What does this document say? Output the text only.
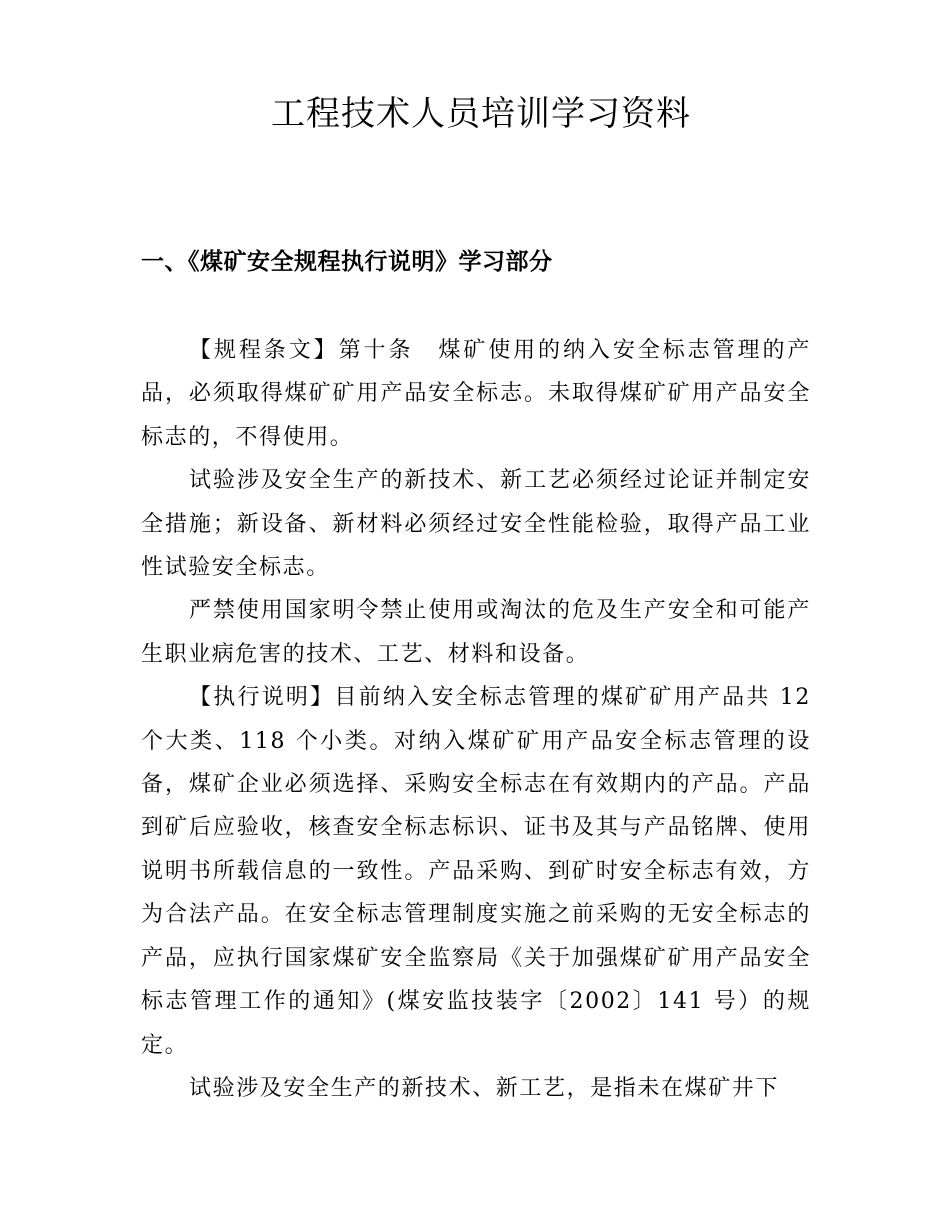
工程技术人员培训学习资料
一、《煤矿安全规程执行说明》学习部分

【规程条文】第十条　煤矿使用的纳入安全标志管理的产品，必须取得煤矿矿用产品安全标志。未取得煤矿矿用产品安全标志的，不得使用。

试验涉及安全生产的新技术、新工艺必须经过论证并制定安全措施；新设备、新材料必须经过安全性能检验，取得产品工业性试验安全标志。

严禁使用国家明令禁止使用或淘汰的危及生产安全和可能产生职业病危害的技术、工艺、材料和设备。

【执行说明】目前纳入安全标志管理的煤矿矿用产品共 12 个大类、118 个小类。对纳入煤矿矿用产品安全标志管理的设备，煤矿企业必须选择、采购安全标志在有效期内的产品。产品到矿后应验收，核查安全标志标识、证书及其与产品铭牌、使用说明书所载信息的一致性。产品采购、到矿时安全标志有效，方为合法产品。在安全标志管理制度实施之前采购的无安全标志的产品，应执行国家煤矿安全监察局《关于加强煤矿矿用产品安全标志管理工作的通知》(煤安监技装字〔2002〕141 号）的规定。

试验涉及安全生产的新技术、新工艺，是指未在煤矿井下
